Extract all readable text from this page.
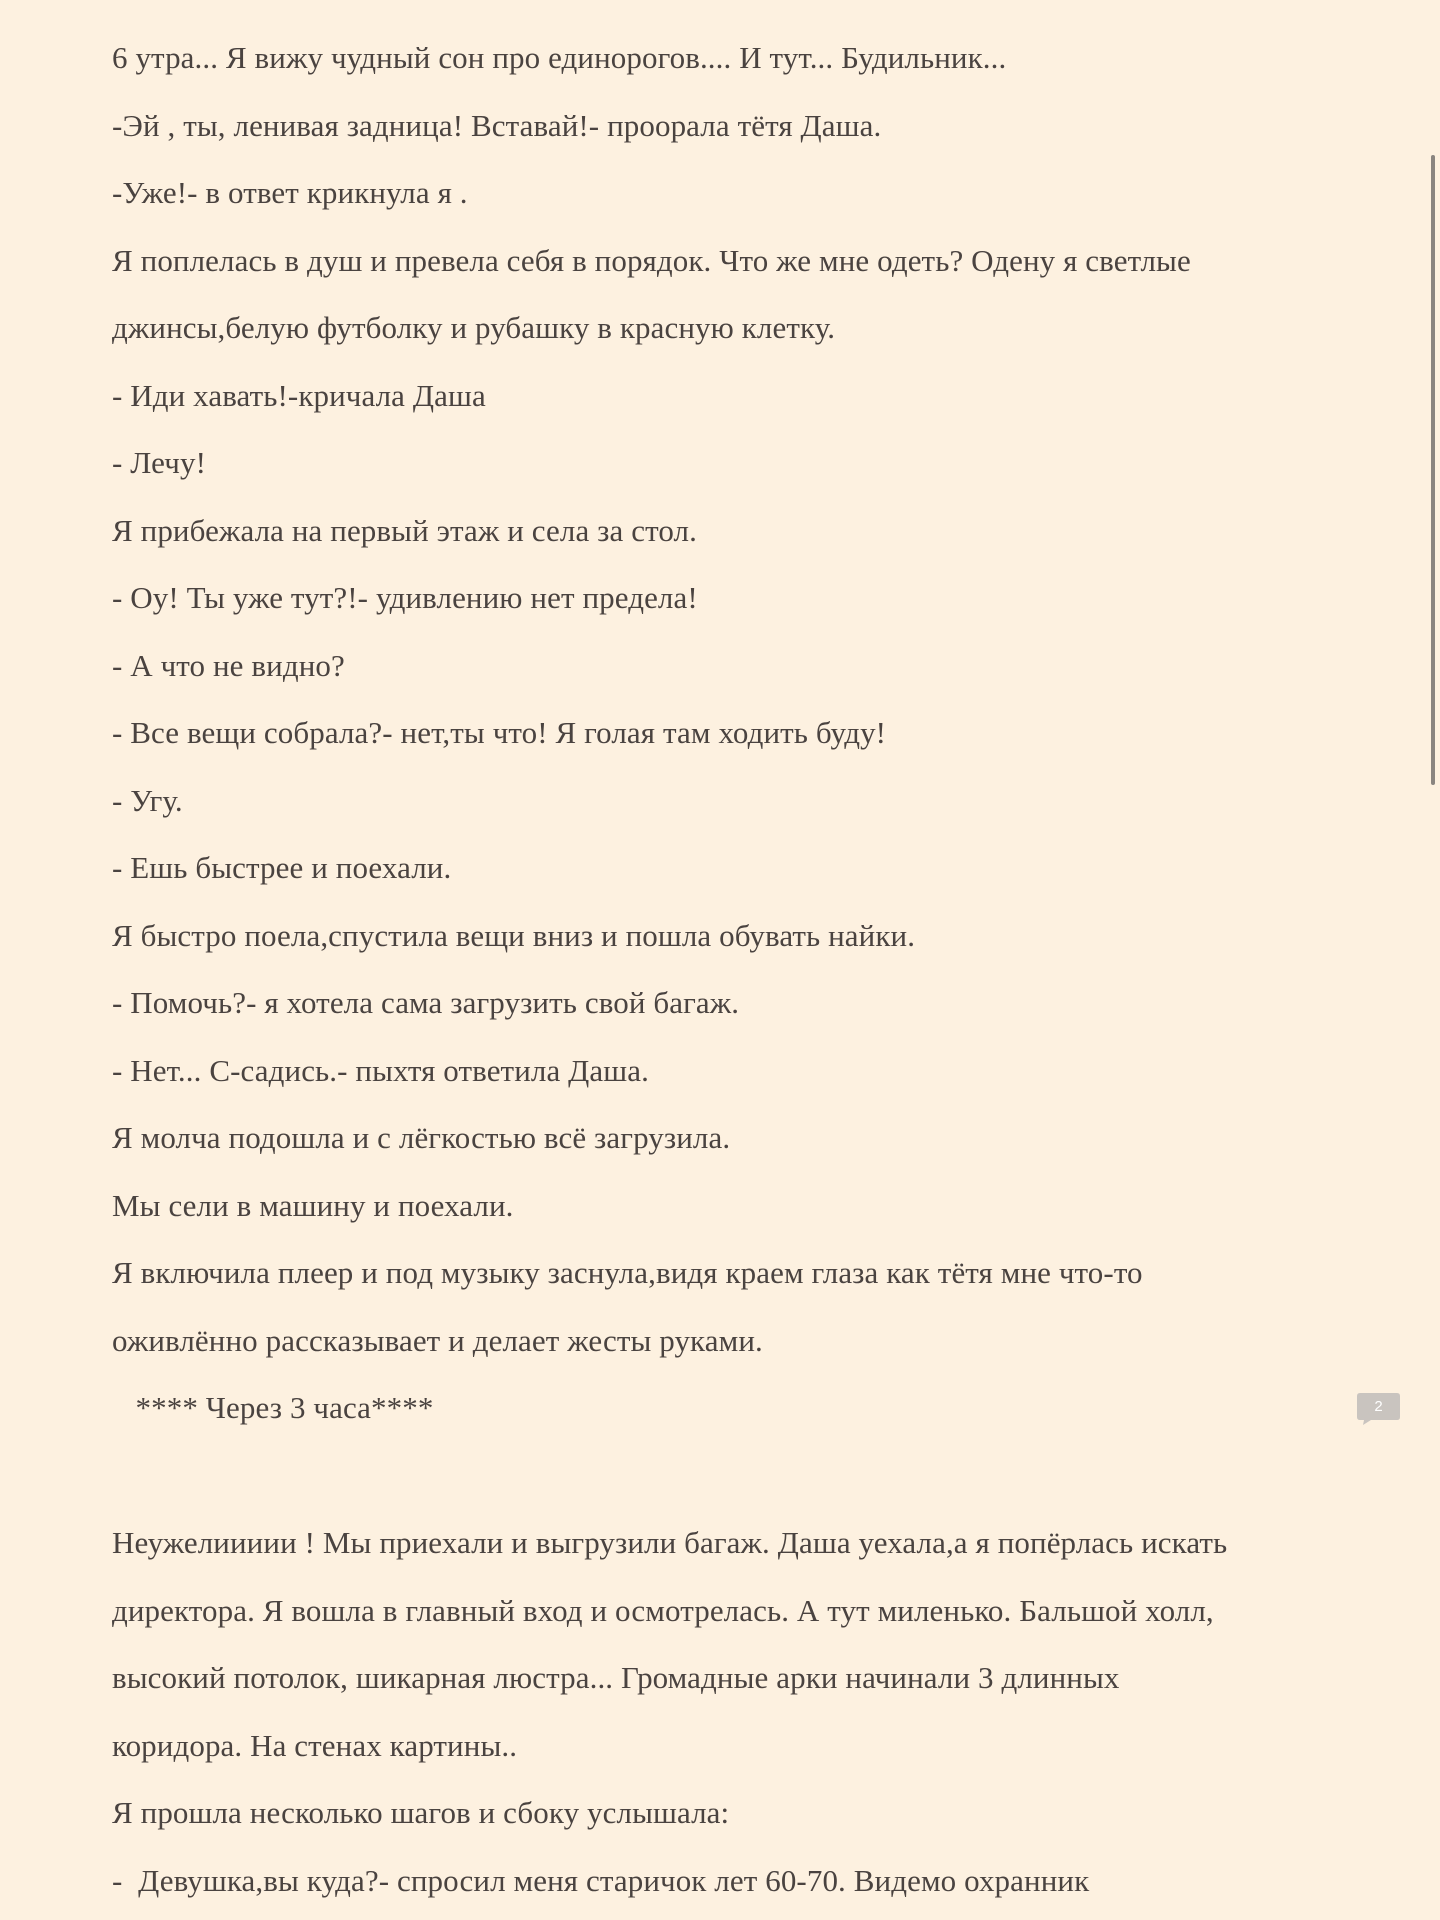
6 утра... Я вижу чудный сон про единорогов.... И тут... Будильник...

-Эй , ты, ленивая задница! Вставай!- проорала тётя Даша.

-Уже!- в ответ крикнула я .

Я поплелась в душ и превела себя в порядок. Что же мне одеть? Одену я светлые

джинсы,белую футболку и рубашку в красную клетку.

- Иди хавать!-кричала Даша

- Лечу!

Я прибежала на первый этаж и села за стол.

- Оу! Ты уже тут?!- удивлению нет предела!

- А что не видно?

- Все вещи собрала?- нет,ты что! Я голая там ходить буду!

- Угу.

- Ешь быстрее и поехали.

Я быстро поела,спустила вещи вниз и пошла обувать найки.

- Помочь?- я хотела сама загрузить свой багаж.

- Нет... С-садись.- пыхтя ответила Даша.

Я молча подошла и с лёгкостью всё загрузила.

Мы сели в машину и поехали.

Я включила плеер и под музыку заснула,видя краем глаза как тётя мне что-то

оживлённо рассказывает и делает жесты руками.

**** Через 3 часа****

Неужелиииии ! Мы приехали и выгрузили багаж. Даша уехала,а я попёрлась искать

директора. Я вошла в главный вход и осмотрелась. А тут миленько. Бальшой холл,

высокий потолок, шикарная люстра... Громадные арки начинали 3 длинных

коридора. На стенах картины..

Я прошла несколько шагов и сбоку услышала:

-  Девушка,вы куда?- спросил меня старичок лет 60-70. Видемо охранник

2
